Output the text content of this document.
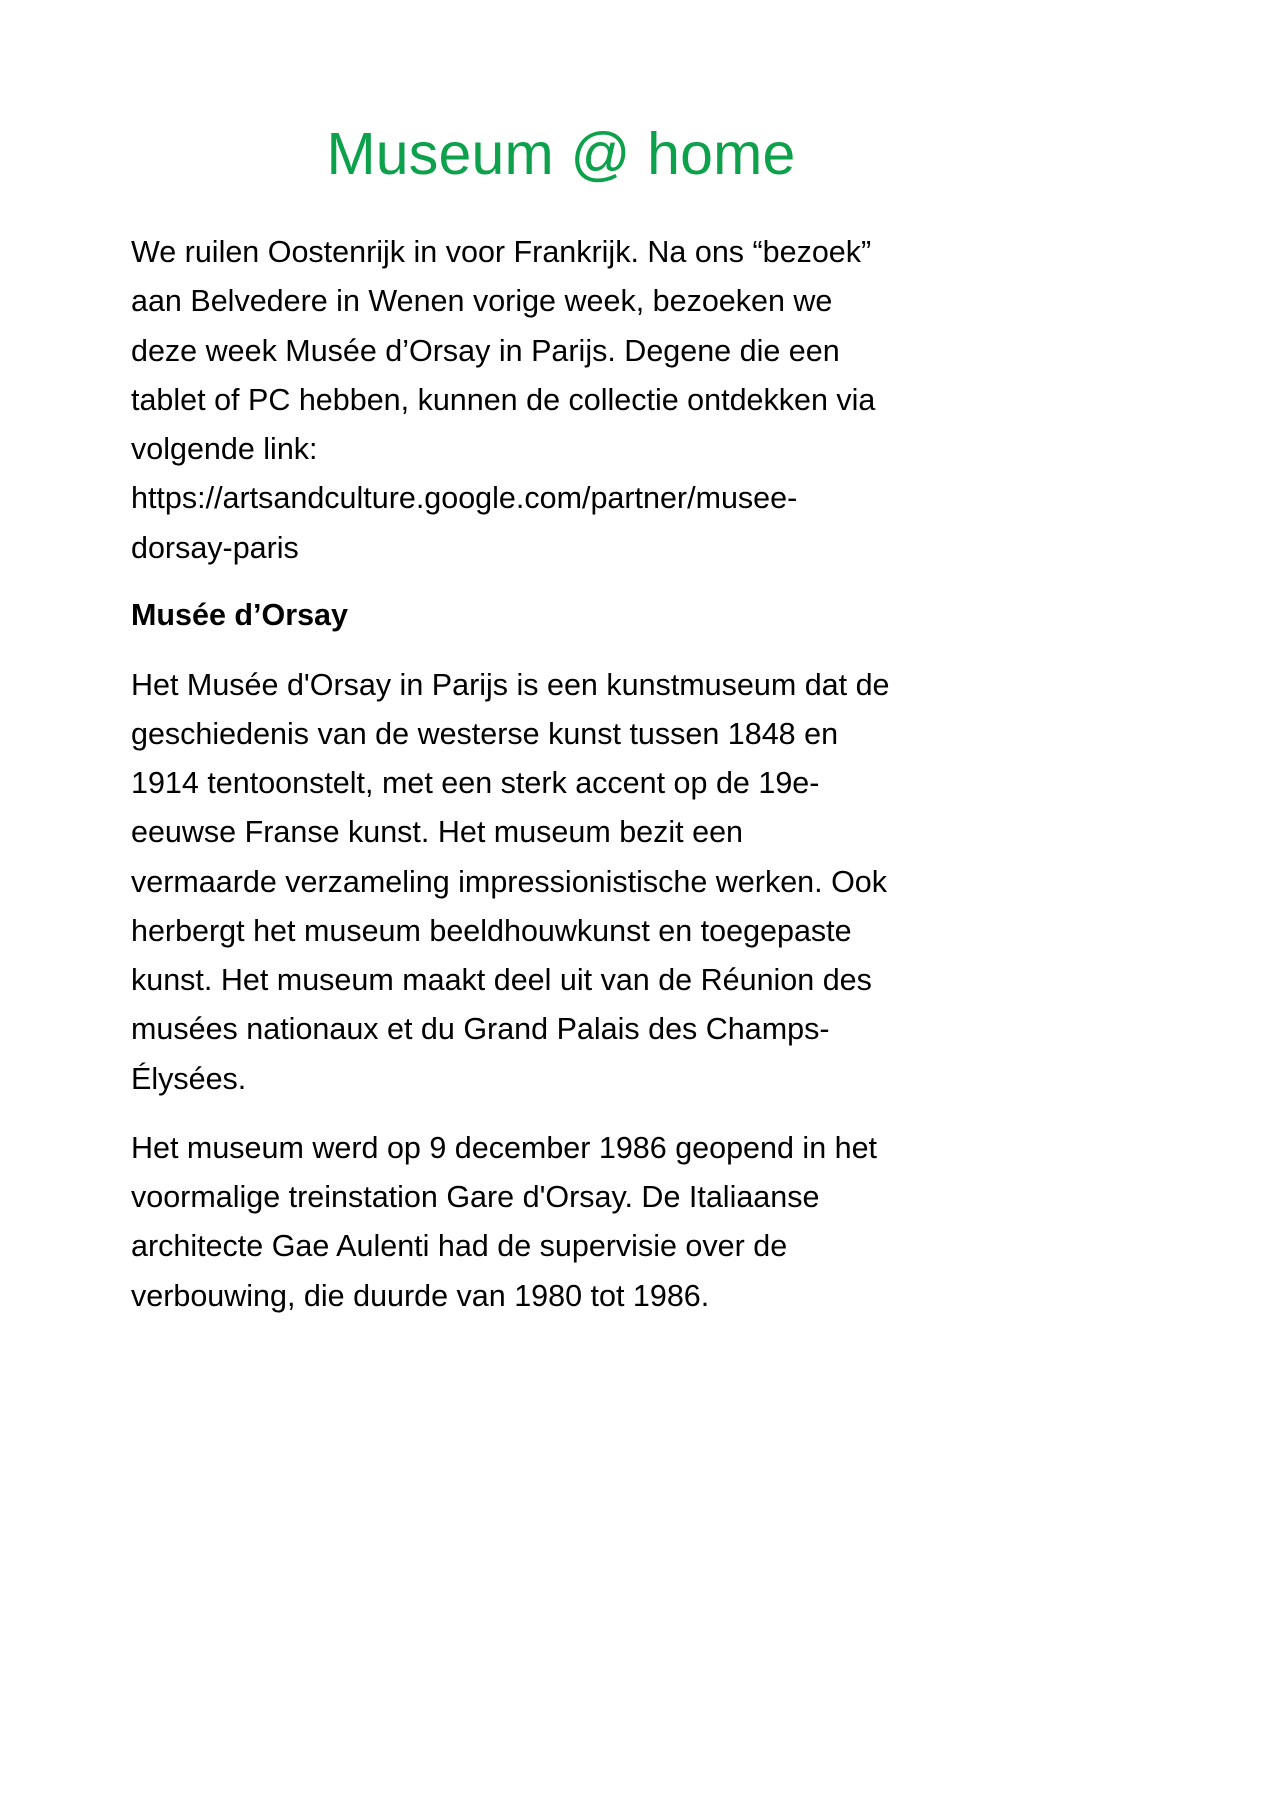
Museum @ home

We ruilen Oostenrijk in voor Frankrijk. Na ons “bezoek”
aan Belvedere in Wenen vorige week, bezoeken we
deze week Musée d’Orsay in Parijs. Degene die een
tablet of PC hebben, kunnen de collectie ontdekken via
volgende link:
https://artsandculture.google.com/partner/musee-
dorsay-paris

Musée d’Orsay

Het Musée d'Orsay in Parijs is een kunstmuseum dat de
geschiedenis van de westerse kunst tussen 1848 en
1914 tentoonstelt, met een sterk accent op de 19e-
eeuwse Franse kunst. Het museum bezit een
vermaarde verzameling impressionistische werken. Ook
herbergt het museum beeldhouwkunst en toegepaste
kunst. Het museum maakt deel uit van de Réunion des
musées nationaux et du Grand Palais des Champs-
Élysées.

Het museum werd op 9 december 1986 geopend in het
voormalige treinstation Gare d'Orsay. De Italiaanse
architecte Gae Aulenti had de supervisie over de
verbouwing, die duurde van 1980 tot 1986.
